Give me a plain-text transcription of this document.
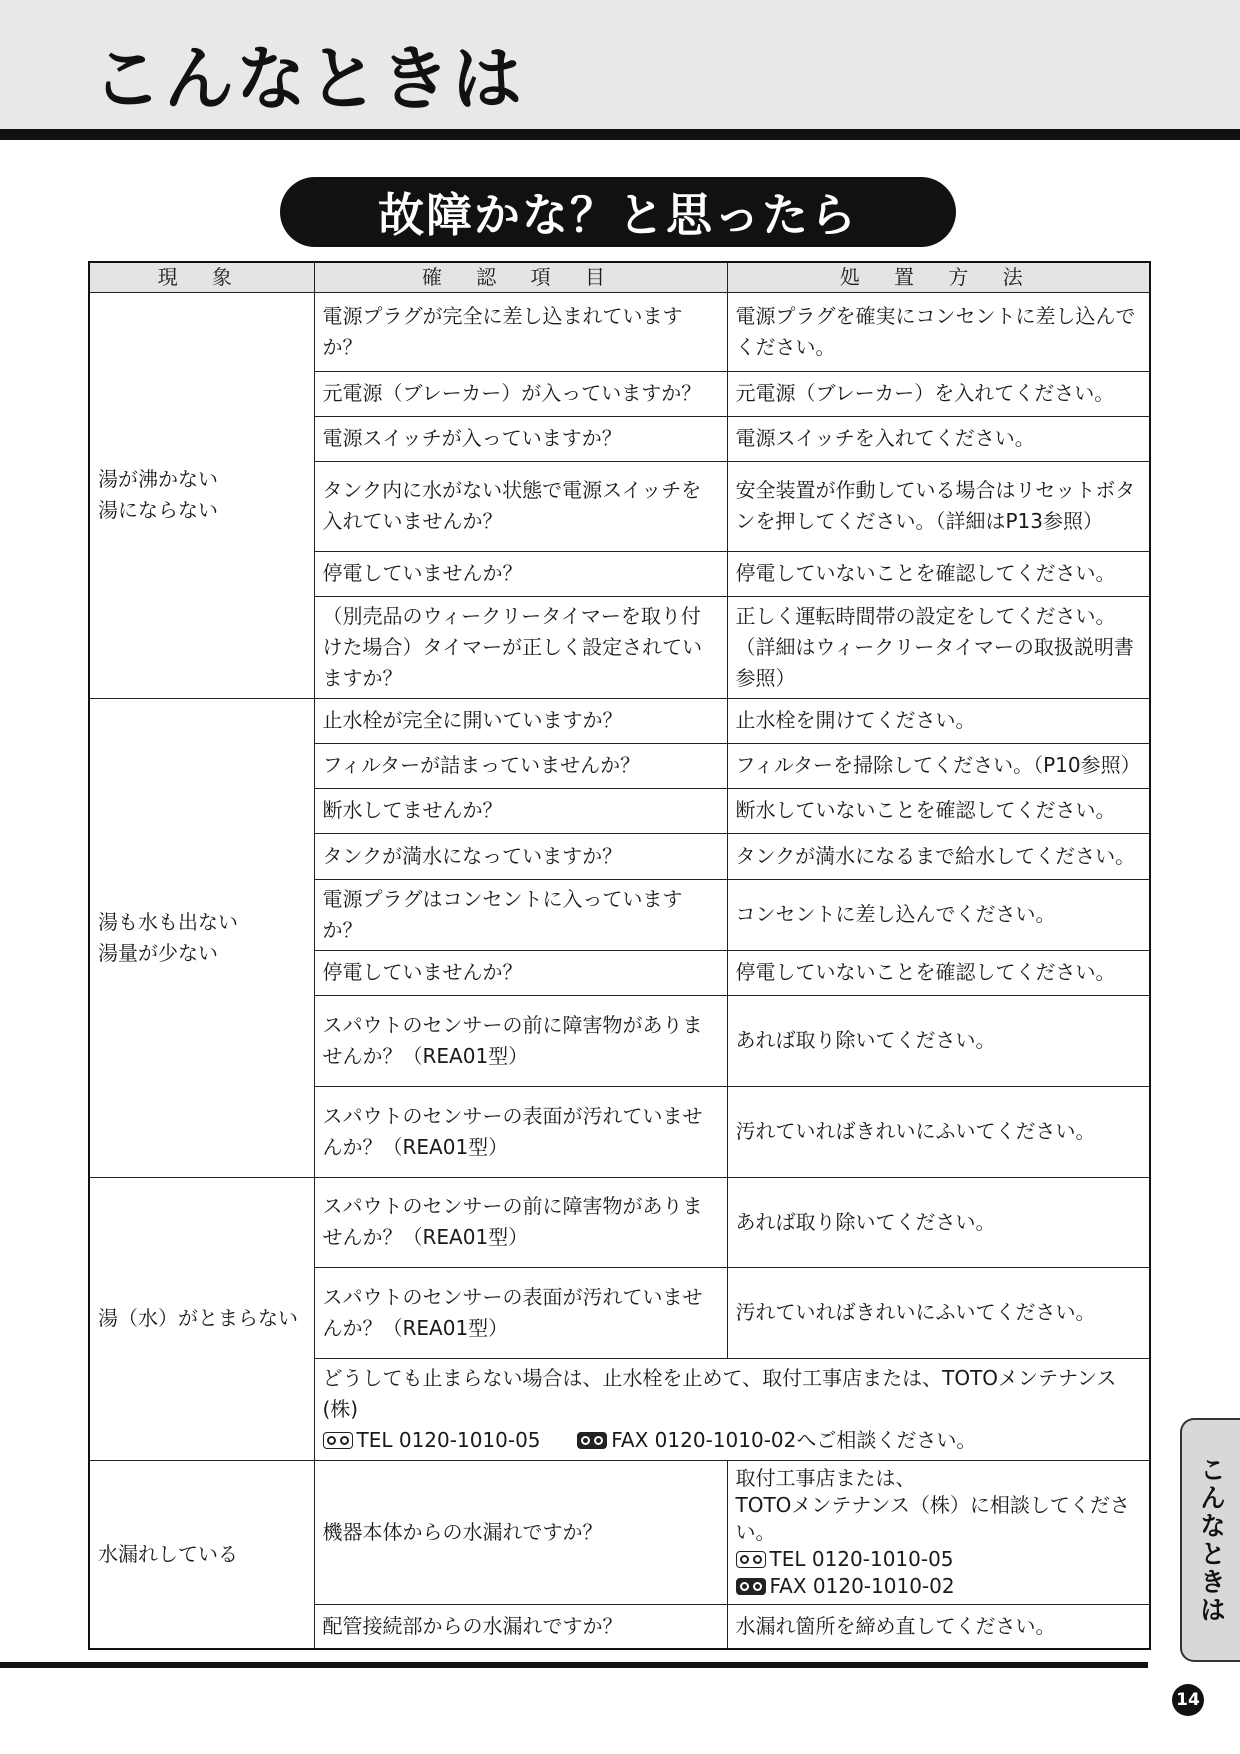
こんなときは
故障かな？と思ったら
現 象	確 認 項 目	処 置 方 法

湯が沸かない
湯にならない	電源プラグが完全に差し込まれていますか？	電源プラグを確実にコンセントに差し込んでください。
	元電源（ブレーカー）が入っていますか？	元電源（ブレーカー）を入れてください。
	電源スイッチが入っていますか？	電源スイッチを入れてください。
	タンク内に水がない状態で電源スイッチを入れていませんか？	安全装置が作動している場合はリセットボタンを押してください。（詳細はP13参照）
	停電していませんか？	停電していないことを確認してください。
	（別売品のウィークリータイマーを取り付けた場合）タイマーが正しく設定されていますか？	正しく運転時間帯の設定をしてください。（詳細はウィークリータイマーの取扱説明書参照）

湯も水も出ない
湯量が少ない	止水栓が完全に開いていますか？	止水栓を開けてください。
	フィルターが詰まっていませんか？	フィルターを掃除してください。（P10参照）
	断水してませんか？	断水していないことを確認してください。
	タンクが満水になっていますか？	タンクが満水になるまで給水してください。
	電源プラグはコンセントに入っていますか？	コンセントに差し込んでください。
	停電していませんか？	停電していないことを確認してください。
	スパウトのセンサーの前に障害物がありませんか？（REA01型）	あれば取り除いてください。
	スパウトのセンサーの表面が汚れていませんか？（REA01型）	汚れていればきれいにふいてください。

湯（水）がとまらない	スパウトのセンサーの前に障害物がありませんか？（REA01型）	あれば取り除いてください。
	スパウトのセンサーの表面が汚れていませんか？（REA01型）	汚れていればきれいにふいてください。

	どうしても止まらない場合は、止水栓を止めて、取付工事店または、TOTOメンテナンス(株)
TEL 0120-1010-05 FAX 0120-1010-02へご相談ください。	

水漏れしている	機器本体からの水漏れですか？	取付工事店または、
TOTOメンテナンス（株）に相談してください。
TEL 0120-1010-05
FAX 0120-1010-02

	配管接続部からの水漏れですか？	水漏れ箇所を締め直してください。
こんなときは
14
